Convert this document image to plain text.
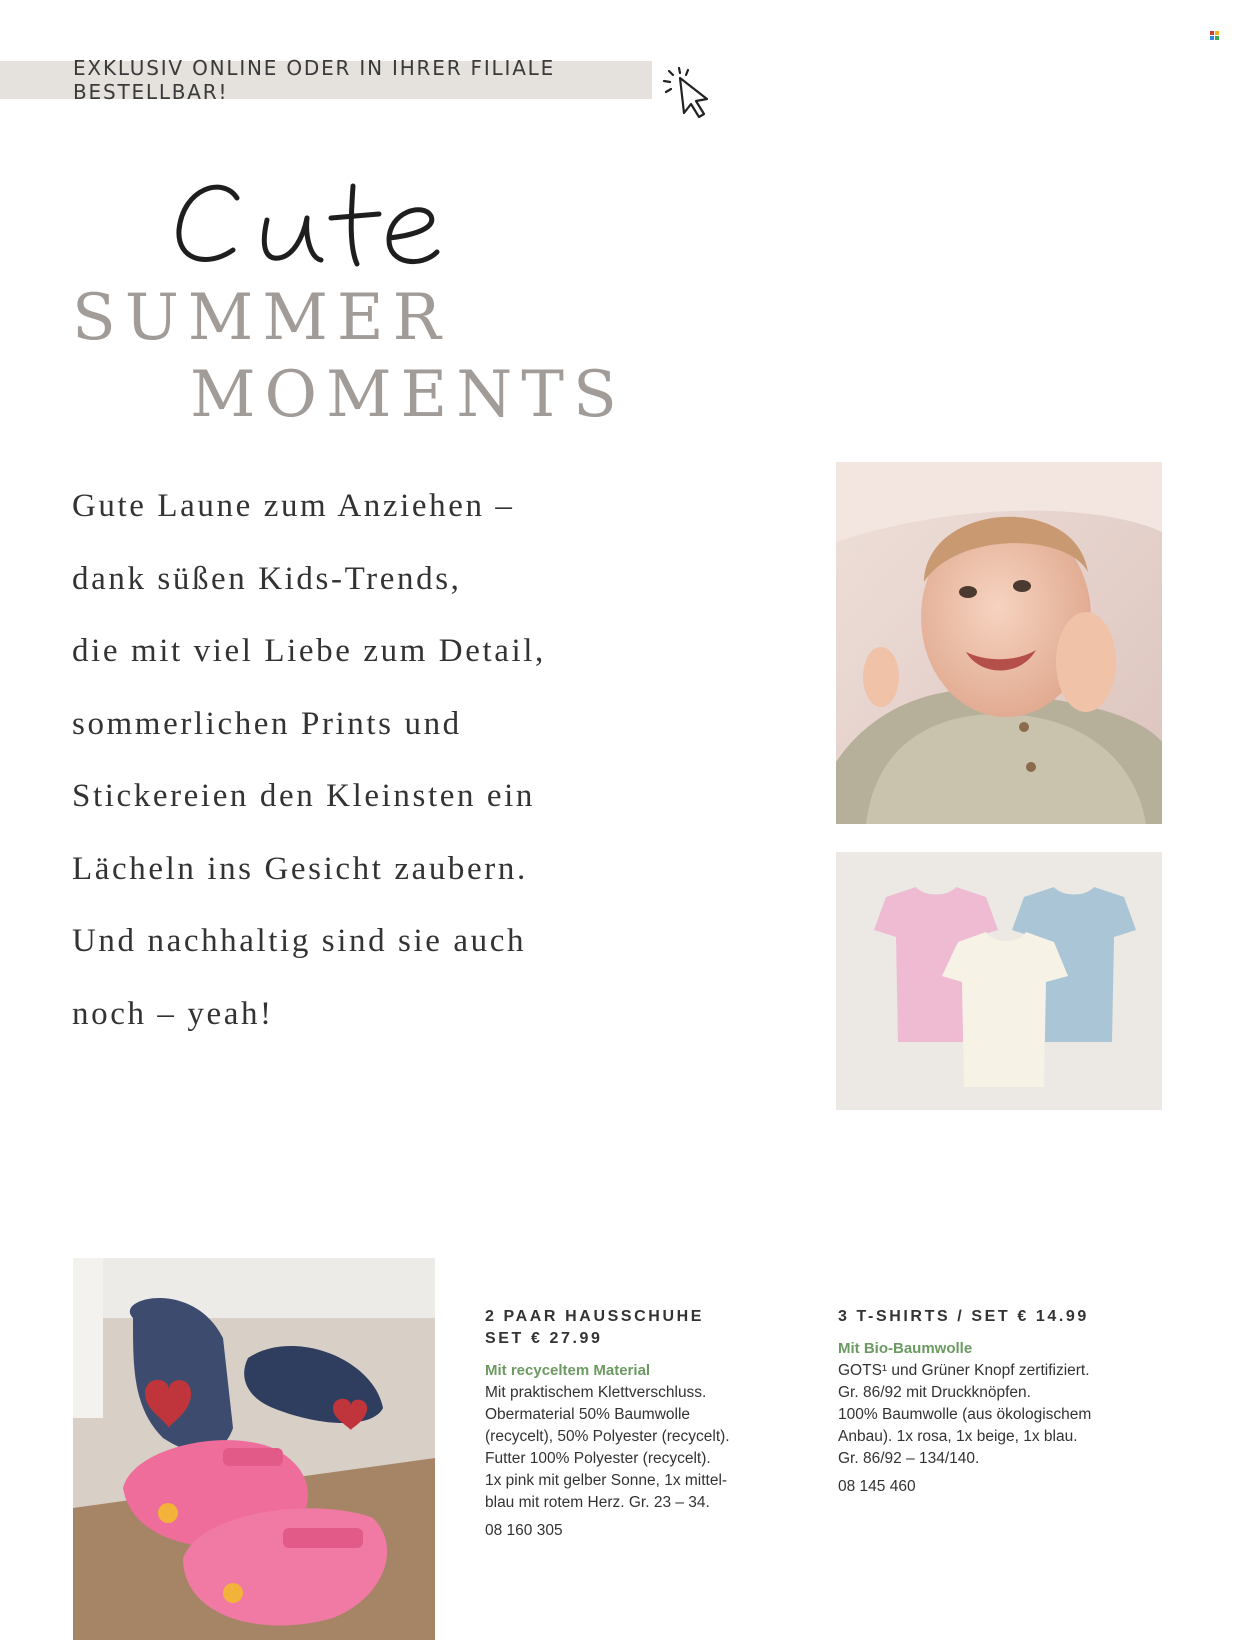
EXKLUSIV ONLINE ODER IN IHRER FILIALE BESTELLBAR!
SUMMER
MOMENTS
Gute Laune zum Anziehen –
dank süßen Kids-Trends,
die mit viel Liebe zum Detail,
sommerlichen Prints und
Stickereien den Kleinsten ein
Lächeln ins Gesicht zaubern.
Und nachhaltig sind sie auch
noch – yeah!
2 PAAR HAUSSCHUHE
SET € 27.99
Mit recyceltem Material
Mit praktischem Klettverschluss.
Obermaterial 50% Baumwolle
(recycelt), 50% Polyester (recycelt).
Futter 100% Polyester (recycelt).
1x pink mit gelber Sonne, 1x mittel-
blau mit rotem Herz. Gr. 23 – 34.
08 160 305
3 T-SHIRTS / SET € 14.99
Mit Bio-Baumwolle
GOTS¹ und Grüner Knopf zertifiziert.
Gr. 86/92 mit Druckknöpfen.
100% Baumwolle (aus ökologischem
Anbau). 1x rosa, 1x beige, 1x blau.
Gr. 86/92 – 134/140.
08 145 460
